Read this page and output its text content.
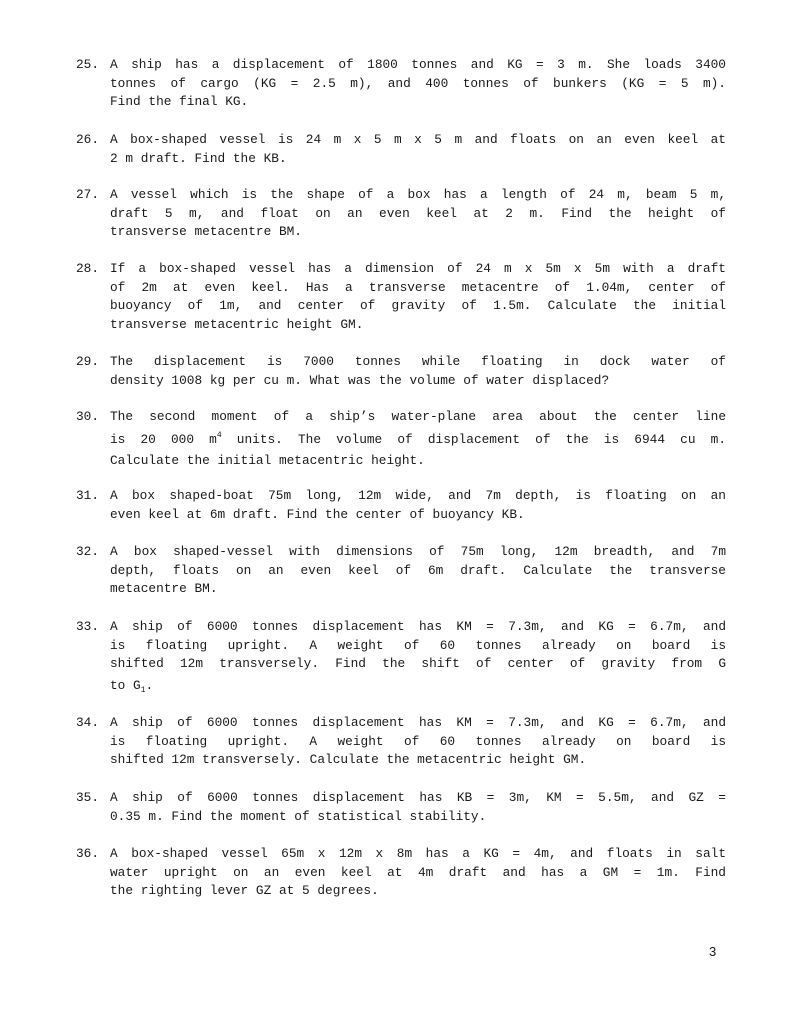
25. A ship has a displacement of 1800 tonnes and KG = 3 m. She loads 3400
tonnes of cargo (KG = 2.5 m), and 400 tonnes of bunkers (KG = 5 m).
Find the final KG.
26. A box-shaped vessel is 24 m x 5 m x 5 m and floats on an even keel at
2 m draft. Find the KB.
27. A vessel which is the shape of a box has a length of 24 m, beam 5 m,
draft 5 m, and float on an even keel at 2 m. Find the height of
transverse metacentre BM.
28. If a box-shaped vessel has a dimension of 24 m x 5m x 5m with a draft
of 2m at even keel. Has a transverse metacentre of 1.04m, center of
buoyancy of 1m, and center of gravity of 1.5m. Calculate the initial
transverse metacentric height GM.
29. The displacement is 7000 tonnes while floating in dock water of
density 1008 kg per cu m. What was the volume of water displaced?
30. The second moment of a ship’s water-plane area about the center line
is 20 000 $m^4$ units. The volume of displacement of the is 6944 cu m.
Calculate the initial metacentric height.
31. A box shaped-boat 75m long, 12m wide, and 7m depth, is floating on an
even keel at 6m draft. Find the center of buoyancy KB.
32. A box shaped-vessel with dimensions of 75m long, 12m breadth, and 7m
depth, floats on an even keel of 6m draft. Calculate the transverse
metacentre BM.
33. A ship of 6000 tonnes displacement has KM = 7.3m, and KG = 6.7m, and
is floating upright. A weight of 60 tonnes already on board is
shifted 12m transversely. Find the shift of center of gravity from G
to $G_1$.
34. A ship of 6000 tonnes displacement has KM = 7.3m, and KG = 6.7m, and
is floating upright. A weight of 60 tonnes already on board is
shifted 12m transversely. Calculate the metacentric height GM.
35. A ship of 6000 tonnes displacement has KB = 3m, KM = 5.5m, and GZ =
0.35 m. Find the moment of statistical stability.
36. A box-shaped vessel 65m x 12m x 8m has a KG = 4m, and floats in salt
water upright on an even keel at 4m draft and has a GM = 1m. Find
the righting lever GZ at 5 degrees.
3
